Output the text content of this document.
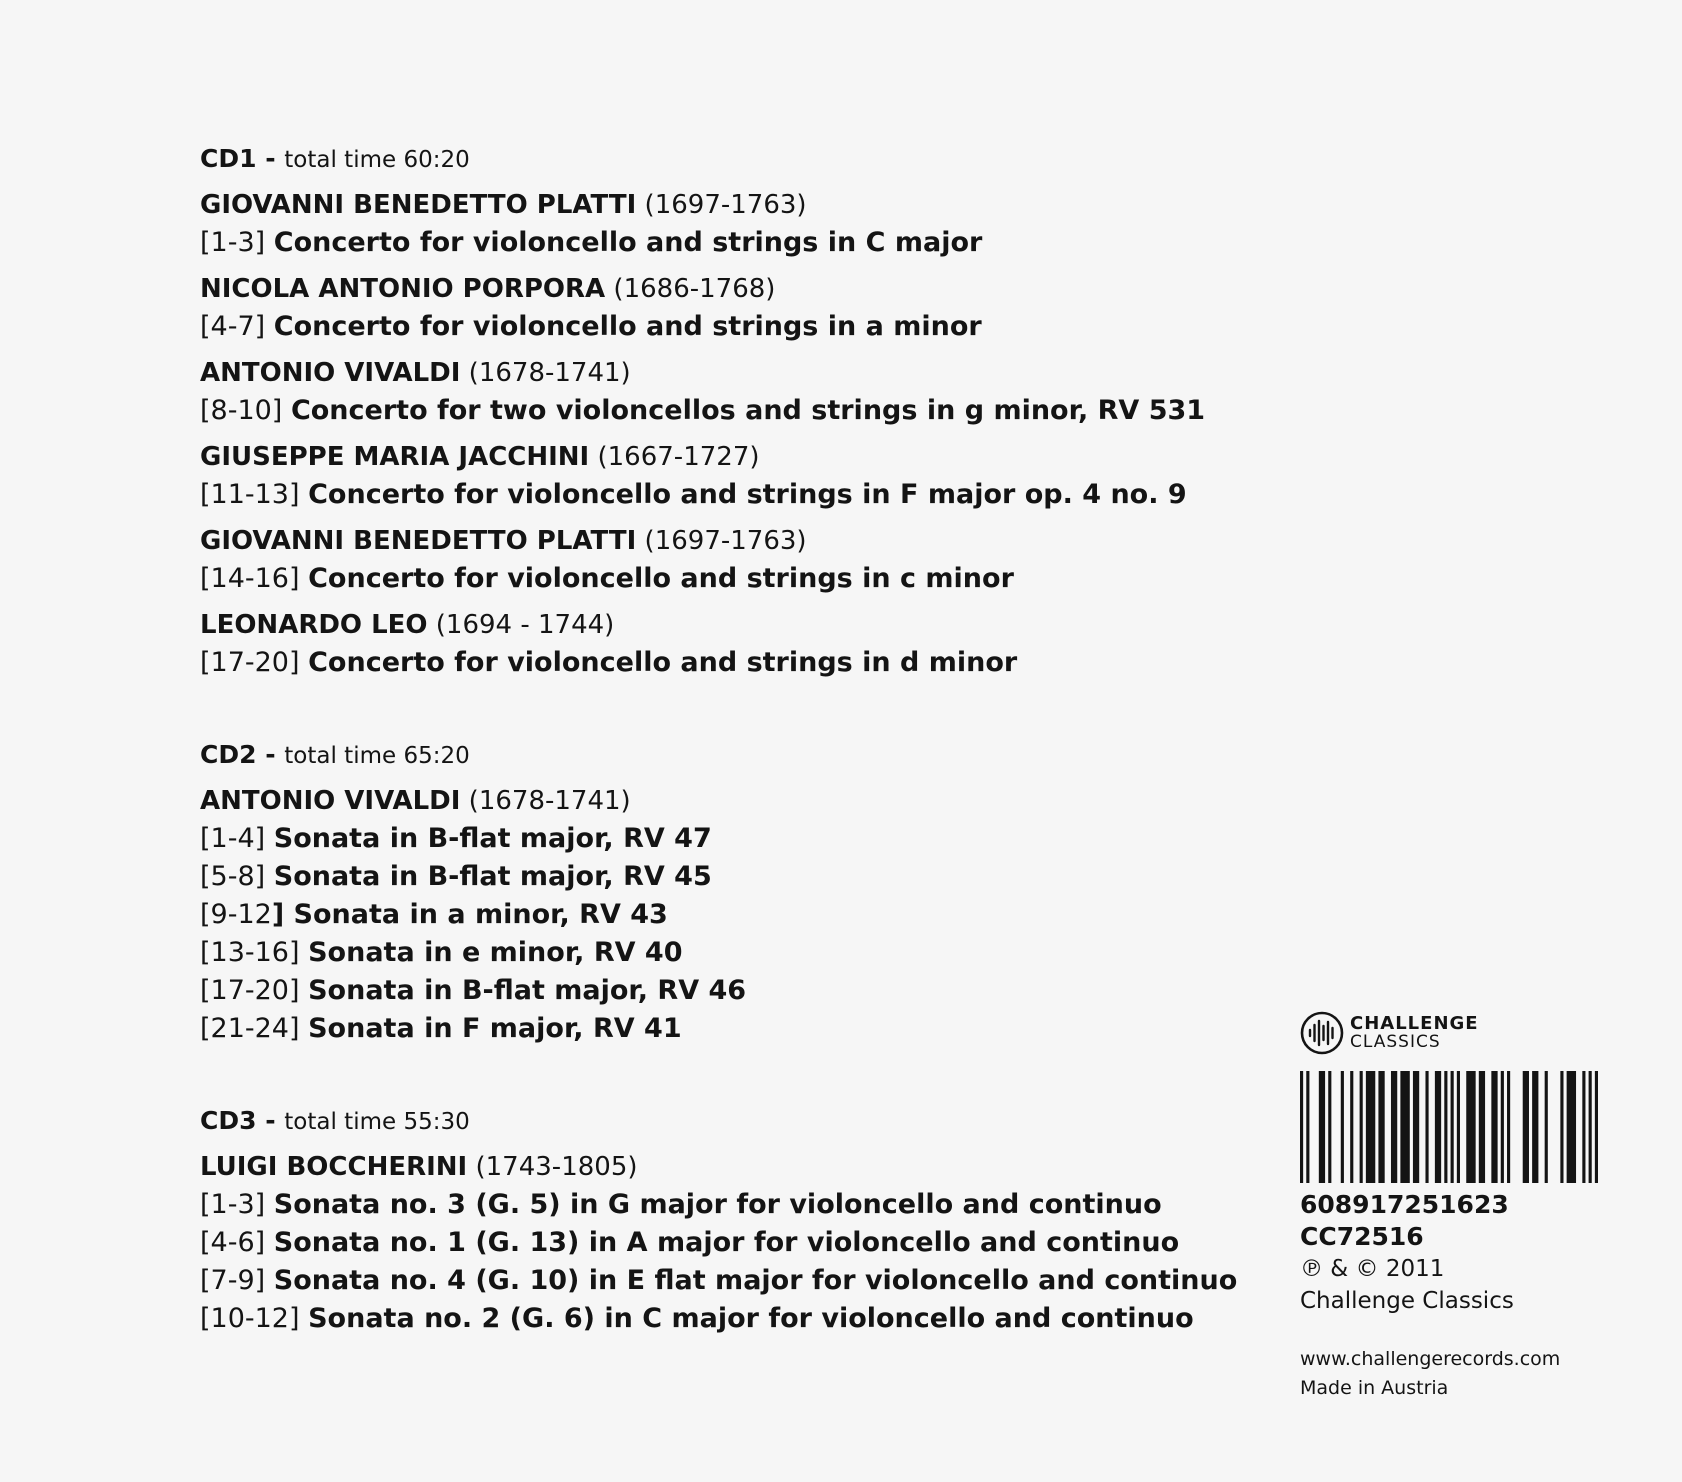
CD1 - total time 60:20
GIOVANNI BENEDETTO PLATTI (1697-1763)
[1-3] Concerto for violoncello and strings in C major
NICOLA ANTONIO PORPORA (1686-1768)
[4-7] Concerto for violoncello and strings in a minor
ANTONIO VIVALDI (1678-1741)
[8-10] Concerto for two violoncellos and strings in g minor, RV 531
GIUSEPPE MARIA JACCHINI (1667-1727)
[11-13] Concerto for violoncello and strings in F major op. 4 no. 9
GIOVANNI BENEDETTO PLATTI (1697-1763)
[14-16] Concerto for violoncello and strings in c minor
LEONARDO LEO (1694 - 1744)
[17-20] Concerto for violoncello and strings in d minor
CD2 - total time 65:20
ANTONIO VIVALDI (1678-1741)
[1-4] Sonata in B-flat major, RV 47
[5-8] Sonata in B-flat major, RV 45
[9-12] Sonata in a minor, RV 43
[13-16] Sonata in e minor, RV 40
[17-20] Sonata in B-flat major, RV 46
[21-24] Sonata in F major, RV 41
CD3 - total time 55:30
LUIGI BOCCHERINI (1743-1805)
[1-3] Sonata no. 3 (G. 5) in G major for violoncello and continuo
[4-6] Sonata no. 1 (G. 13) in A major for violoncello and continuo
[7-9] Sonata no. 4 (G. 10) in E flat major for violoncello and continuo
[10-12] Sonata no. 2 (G. 6) in C major for violoncello and continuo
CHALLENGE
CLASSICS
608917251623
CC72516
℗ & © 2011
Challenge Classics
www.challengerecords.com
Made in Austria
